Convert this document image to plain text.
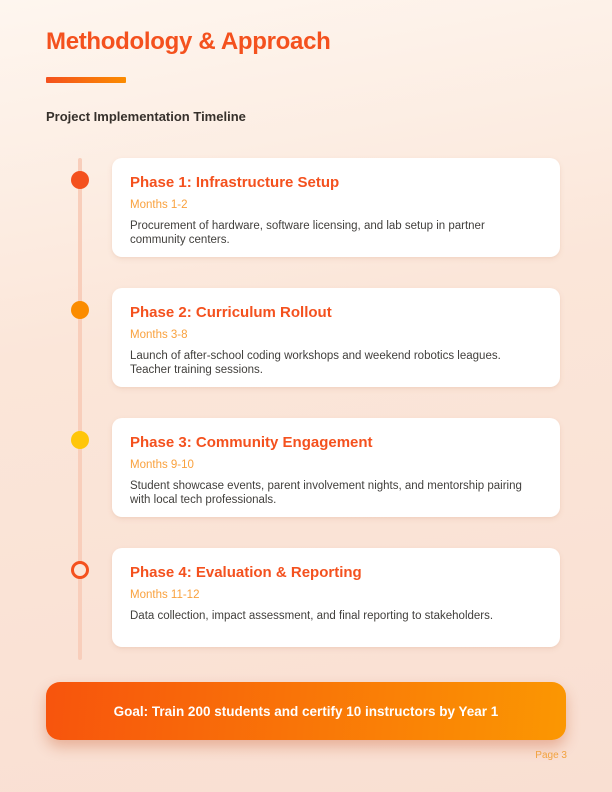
Methodology & Approach
Project Implementation Timeline
Phase 1: Infrastructure Setup
Months 1-2

Procurement of hardware, software licensing, and lab setup in partner community centers.

Phase 2: Curriculum Rollout
Months 3-8

Launch of after-school coding workshops and weekend robotics leagues. Teacher training sessions.

Phase 3: Community Engagement
Months 9-10

Student showcase events, parent involvement nights, and mentorship pairing with local tech professionals.

Phase 4: Evaluation & Reporting
Months 11-12

Data collection, impact assessment, and final reporting to stakeholders.

Goal: Train 200 students and certify 10 instructors by Year 1
Page 3
